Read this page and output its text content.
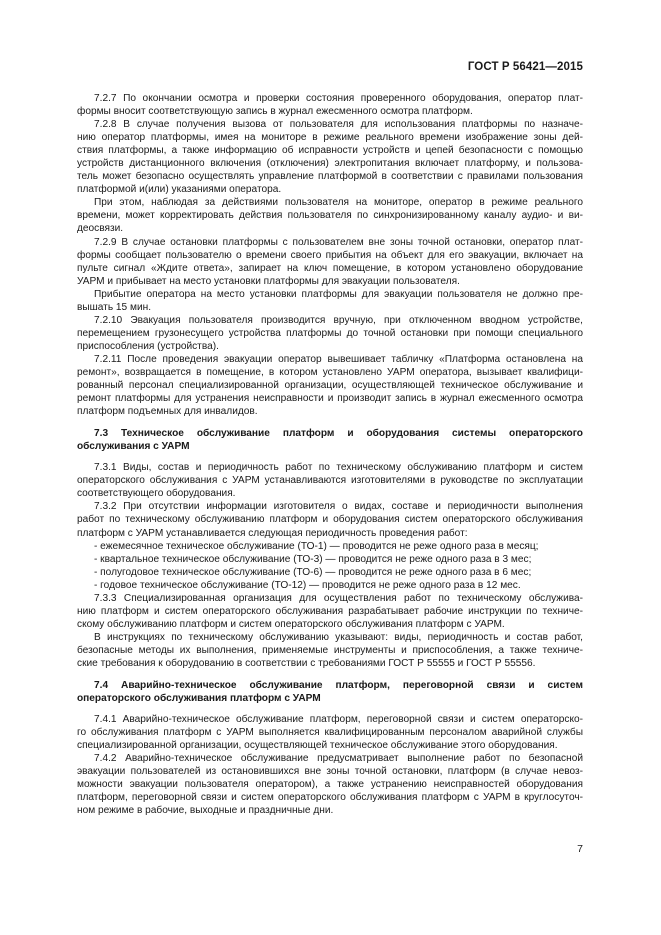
ГОСТ Р 56421—2015
7.2.7 По окончании осмотра и проверки состояния проверенного оборудования, оператор плат-
формы вносит соответствующую запись в журнал ежесменного осмотра платформ.
7.2.8 В случае получения вызова от пользователя для использования платформы по назначе-
нию оператор платформы, имея на мониторе в режиме реального времени изображение зоны дей-
ствия платформы, а также информацию об исправности устройств и цепей безопасности с помощью
устройств дистанционного включения (отключения) электропитания включает платформу, и пользова-
тель может безопасно осуществлять управление платформой в соответствии с правилами пользования
платформой и(или) указаниями оператора.
При этом, наблюдая за действиями пользователя на мониторе, оператор в режиме реального
времени, может корректировать действия пользователя по синхронизированному каналу аудио- и ви-
деосвязи.
7.2.9 В случае остановки платформы с пользователем вне зоны точной остановки, оператор плат-
формы сообщает пользователю о времени своего прибытия на объект для его эвакуации, включает на
пульте сигнал «Ждите ответа», запирает на ключ помещение, в котором установлено оборудование
УАРМ и прибывает на место установки платформы для эвакуации пользователя.
Прибытие оператора на место установки платформы для эвакуации пользователя не должно пре-
вышать 15 мин.
7.2.10 Эвакуация пользователя производится вручную, при отключенном вводном устройстве,
перемещением грузонесущего устройства платформы до точной остановки при помощи специального
приспособления (устройства).
7.2.11 После проведения эвакуации оператор вывешивает табличку «Платформа остановлена на
ремонт», возвращается в помещение, в котором установлено УАРМ оператора, вызывает квалифици-
рованный персонал специализированной организации, осуществляющей техническое обслуживание и
ремонт платформы для устранения неисправности и производит запись в журнал ежесменного осмотра
платформ подъемных для инвалидов.
7.3 Техническое обслуживание платформ и оборудования системы операторского
обслуживания с УАРМ
7.3.1 Виды, состав и периодичность работ по техническому обслуживанию платформ и систем
операторского обслуживания с УАРМ устанавливаются изготовителями в руководстве по эксплуатации
соответствующего оборудования.
7.3.2 При отсутствии информации изготовителя о видах, составе и периодичности выполнения
работ по техническому обслуживанию платформ и оборудования систем операторского обслуживания
платформ с УАРМ устанавливается следующая периодичность проведения работ:
- ежемесячное техническое обслуживание (ТО-1) — проводится не реже одного раза в месяц;
- квартальное техническое обслуживание (ТО-3) — проводится не реже одного раза в 3 мес;
- полугодовое техническое обслуживание (ТО-6) — проводится не реже одного раза в 6 мес;
- годовое техническое обслуживание (ТО-12) — проводится не реже одного раза в 12 мес.
7.3.3 Специализированная организация для осуществления работ по техническому обслужива-
нию платформ и систем операторского обслуживания разрабатывает рабочие инструкции по техниче-
скому обслуживанию платформ и систем операторского обслуживания платформ с УАРМ.
В инструкциях по техническому обслуживанию указывают: виды, периодичность и состав работ,
безопасные методы их выполнения, применяемые инструменты и приспособления, а также техниче-
ские требования к оборудованию в соответствии с требованиями ГОСТ Р 55555 и ГОСТ Р 55556.
7.4 Аварийно-техническое обслуживание платформ, переговорной связи и систем
операторского обслуживания платформ с УАРМ
7.4.1 Аварийно-техническое обслуживание платформ, переговорной связи и систем операторско-
го обслуживания платформ с УАРМ выполняется квалифицированным персоналом аварийной службы
специализированной организации, осуществляющей техническое обслуживание этого оборудования.
7.4.2 Аварийно-техническое обслуживание предусматривает выполнение работ по безопасной
эвакуации пользователей из остановившихся вне зоны точной остановки, платформ (в случае невоз-
можности эвакуации пользователя оператором), а также устранению неисправностей оборудования
платформ, переговорной связи и систем операторского обслуживания платформ с УАРМ в круглосуточ-
ном режиме в рабочие, выходные и праздничные дни.
7
